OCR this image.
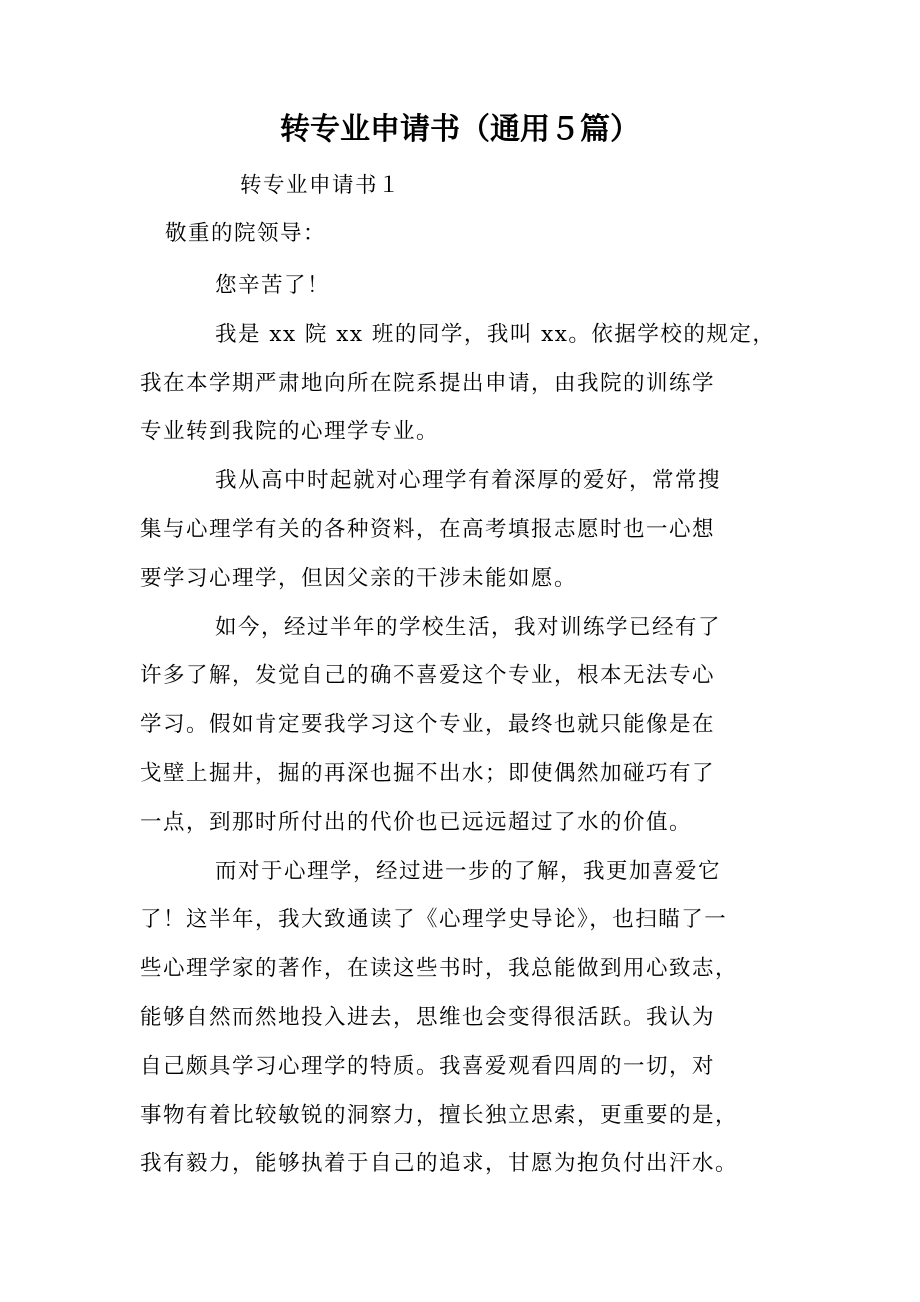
转专业申请书（通用５篇）
转专业申请书１
敬重的院领导：
您辛苦了！
我是 xx 院 xx 班的同学，我叫 xx。依据学校的规定，
我在本学期严肃地向所在院系提出申请，由我院的训练学
专业转到我院的心理学专业。
我从高中时起就对心理学有着深厚的爱好，常常搜
集与心理学有关的各种资料，在高考填报志愿时也一心想
要学习心理学，但因父亲的干涉未能如愿。
如今，经过半年的学校生活，我对训练学已经有了
许多了解，发觉自己的确不喜爱这个专业，根本无法专心
学习。假如肯定要我学习这个专业，最终也就只能像是在
戈壁上掘井，掘的再深也掘不出水；即使偶然加碰巧有了
一点，到那时所付出的代价也已远远超过了水的价值。
而对于心理学，经过进一步的了解，我更加喜爱它
了！这半年，我大致通读了《心理学史导论》，也扫瞄了一
些心理学家的著作，在读这些书时，我总能做到用心致志，
能够自然而然地投入进去，思维也会变得很活跃。我认为
自己颇具学习心理学的特质。我喜爱观看四周的一切，对
事物有着比较敏锐的洞察力，擅长独立思索，更重要的是，
我有毅力，能够执着于自己的追求，甘愿为抱负付出汗水。
